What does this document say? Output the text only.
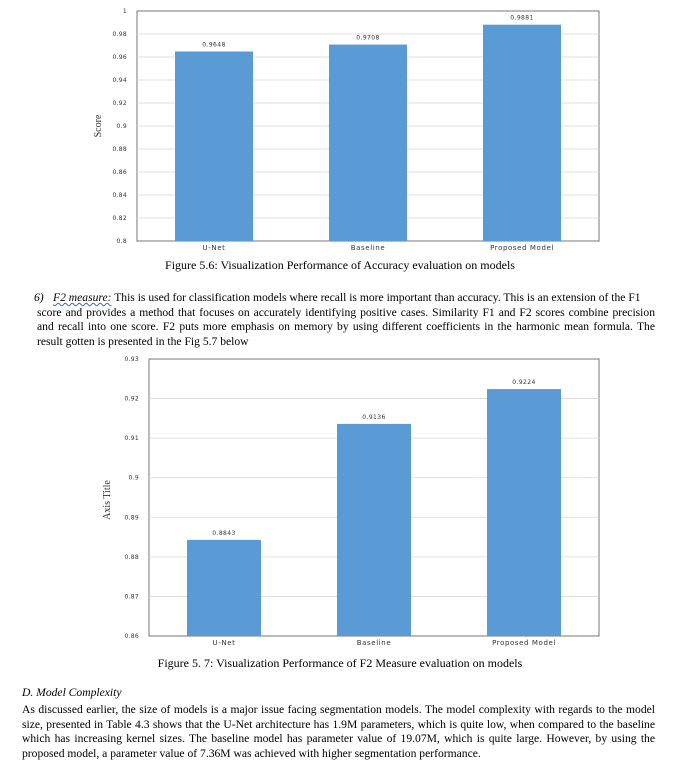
Score
0.8
0.82
0.84
0.86
0.88
0.9
0.92
0.94
0.96
0.98
1
0.9648
U-Net
0.9708
Baseline
0.9881
Proposed Model

Figure 5.6: Visualization Performance of Accuracy evaluation on models

6) F2 measure: This is used for classification models where recall is more important than accuracy. This is an extension of the F1
score and provides a method that focuses on accurately identifying positive cases. Similarity F1 and F2 scores combine precision and recall into one score. F2 puts more emphasis on memory by using different coefficients in the harmonic mean formula. The result gotten is presented in the Fig 5.7 below
Axis Title
0.86
0.87
0.88
0.89
0.9
0.91
0.92
0.93
0.8843
U-Net
0.9136
Baseline
0.9224
Proposed Model

Figure 5. 7: Visualization Performance of F2 Measure evaluation on models

D. Model Complexity

As discussed earlier, the size of models is a major issue facing segmentation models. The model complexity with regards to the model size, presented in Table 4.3 shows that the U-Net architecture has 1.9M parameters, which is quite low, when compared to the baseline which has increasing kernel sizes. The baseline model has parameter value of 19.07M, which is quite large. However, by using the proposed model, a parameter value of 7.36M was achieved with higher segmentation performance.
